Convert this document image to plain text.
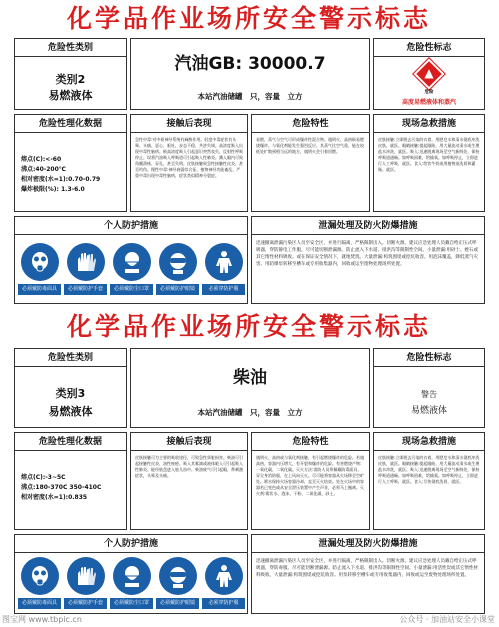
化学品作业场所安全警示标志
危险性类别
类别2
易燃液体
汽油GB: 30000.7
本站汽油储罐　只，容量　立方
危险性标志
▲
危险
高度易燃液体和蒸汽
危险性理化数据
熔点(C):<-60
沸点:40-200℃
相对密度(水=1):0.70-0.79
爆炸极限(%): 1.3-6.0
接触后表现
急性中毒:对中枢神经系统有麻醉作用。轻度中毒症状有头晕、头痛、恶心、呕吐、步态不稳、共济失调。高浓度吸入出现中毒性脑病。极高浓度吸入引起意识突然丧失、反射性呼吸停止。误将汽油吸入呼吸道可引起吸入性肺炎。溅入眼内可致角膜溃疡、穿孔，甚至失明。皮肤接触致急性接触性皮炎，甚至灼伤。慢性中毒:神经衰弱综合征、植物神经功能紊乱、严重中毒出现中毒性脑病，症状类似精神分裂症。
危险特性
易燃，蒸气与空气可形成爆炸性混合物。遇明火、高热极易燃烧爆炸。与氧化剂能发生强烈反应。其蒸气比空气重，能在较低处扩散到相当远的地方，遇明火会引着回燃。
现场急救措施
皮肤接触:立即脱去污染的衣着，用肥皂水和清水彻底冲洗皮肤，就医。眼睛接触:提起眼睑，用大量流动清水或生理盐水冲洗，就医。吸入:迅速脱离现场至空气新鲜处，保持呼吸道通畅。如呼吸困难，给输氧。如呼吸停止，立即进行人工呼吸，就医。食入:给饮牛奶或用植物油洗胃和灌肠。就医。
个人防护措施
必须戴防毒面具	必须戴防护手套	必须戴防尘口罩	必须戴防护眼镜	必须穿防护服
泄漏处理及防火防爆措施
迅速撤离泄漏污染区人员至安全区，并进行隔离，严格限制出入。切断火源。建议应急处理人员戴自给正压式呼吸器，穿防静电工作服。尽可能切断泄漏源。防止流入下水道、排洪沟等限制性空间。小量泄漏:用砂土、蛭石或其它惰性材料吸收。或在保证安全情况下，就地焚烧。大量泄漏:构筑围堤或挖坑收容。用泡沫覆盖，降低蒸气灾害。用防爆泵转移至槽车或专用收集器内，回收或运至废物处理场所处置。
化学品作业场所安全警示标志
危险性类别
类别3
易燃液体
柴油
本站汽油储罐　只，容量　立方
危险性标志
警告
易燃液体
危险性理化数据
熔点(C):-3~5C
沸点:180-370C 350-410C
相对密度(水=1):0.835
接触后表现
皮肤接触可为主要的吸收途径，可致急性肾脏损害。柴油可引起接触性皮炎、油性痤疮。吸入其雾滴或液体呛入可引起吸入性肺炎。能经胎盘进入胎儿血中。柴油废气可引起眼、鼻刺激症状，头晕及头痛。
危险特性
遇明火、高热或与氧化剂接触，有引起燃烧爆炸的危险。若遇高热，容器内压增大，有开裂和爆炸的危险。有害燃烧产物:一氧化碳、二氧化碳。灭火方法:消防人员须佩戴防毒面具、穿全身消防服，在上风向灭火。尽可能将容器从火场移至空旷处。喷水保持火场容器冷却，直至灭火结束。处在火场中的容器若已变色或从安全泄压装置中产生声音，必须马上撤离。灭火剂:雾状水、泡沫、干粉、二氧化碳、砂土。
现场急救措施
皮肤接触:立即脱去污染的衣着，用肥皂水和清水彻底冲洗皮肤，就医。眼睛接触:提起眼睑，用大量流动清水或生理盐水冲洗，就医。吸入:迅速脱离现场至空气新鲜处，保持呼吸道通畅。如呼吸困难，给输氧。如呼吸停止，立即进行人工呼吸，就医。食入:尽快彻底洗胃，就医。
个人防护措施
必须戴防毒面具	必须戴防护手套	必须戴防尘口罩	必须戴防护眼镜	必须穿防护服
泄漏处理及防火防爆措施
迅速撤离泄漏污染区人员至安全区，并进行隔离，严格限制出入。切断火源。建议应急处理人员戴自给正压式呼吸器，穿防毒服。尽可能切断泄漏源。防止流入下水道、排洪沟等限制性空间。小量泄漏:用活性炭或其它惰性材料吸收。大量泄漏:构筑围堤或挖坑收容。用泵转移至槽车或专用收集器内，回收或运至废物处理场所处置。
图宝网 www.tbpic.cn	公众号 · 加油站安全小课堂
